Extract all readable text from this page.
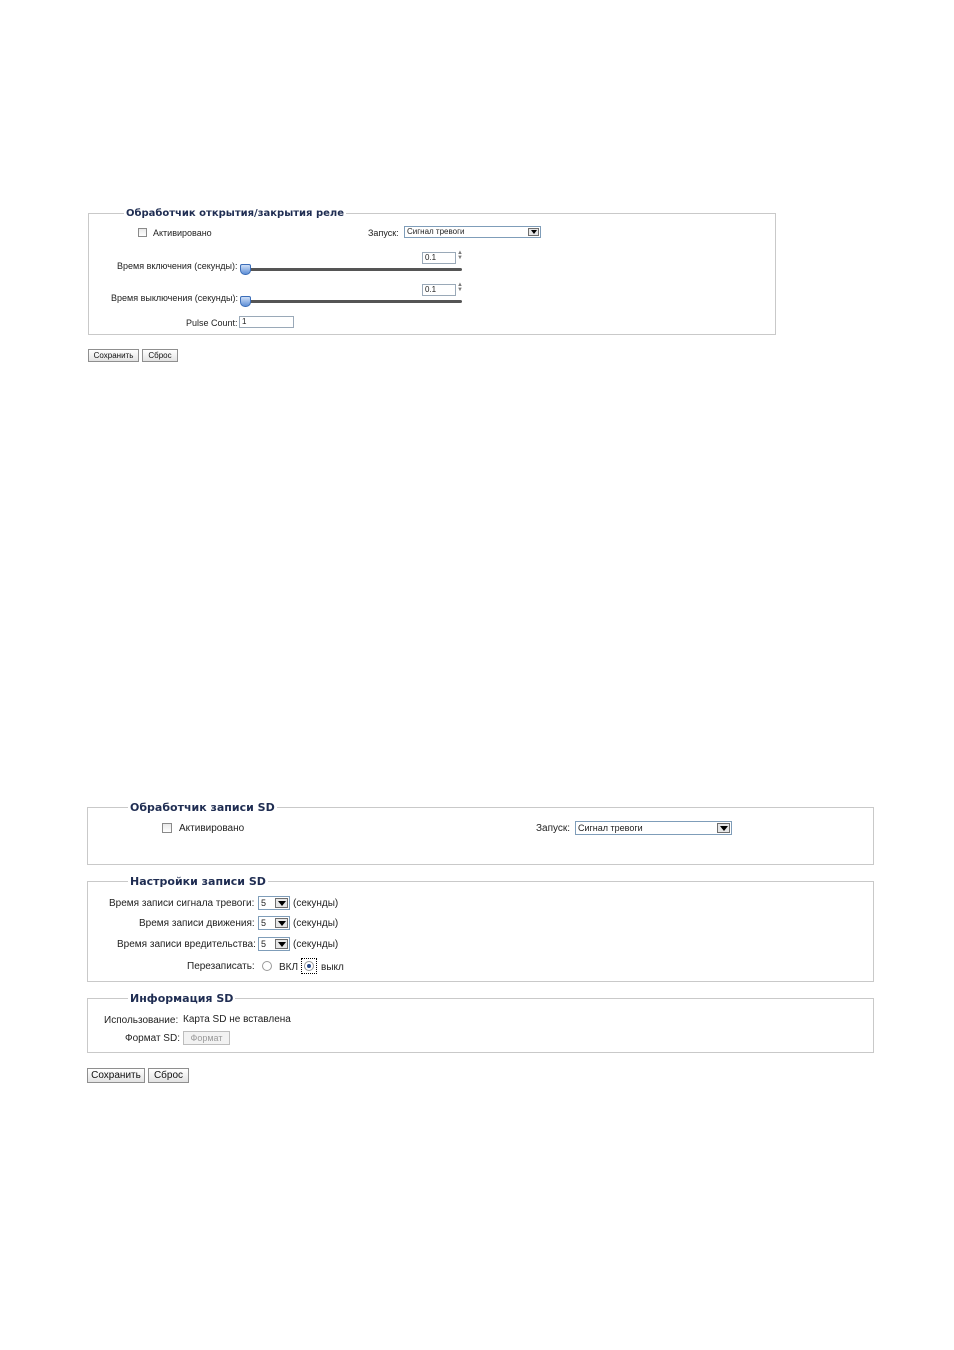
Обработчик открытия/закрытия реле
Активировано	Запуск: Сигнал тревоги
Время включения (секунды):
0.1	▲
▼
Время выключения (секунды):
0.1	▲
▼
Pulse Count: 1
Сохранить	Сброс
Обработчик записи SD
Активировано	Запуск: Сигнал тревоги
Настройки записи SD
Время записи сигнала тревоги: 5	(секунды)
Время записи движения: 5	(секунды)
Время записи вредительства: 5	(секунды)
Перезаписать: ВКЛ выкл
Информация SD
Использование: Карта SD не вставлена
Формат SD:	Формат
Сохранить	Сброс
